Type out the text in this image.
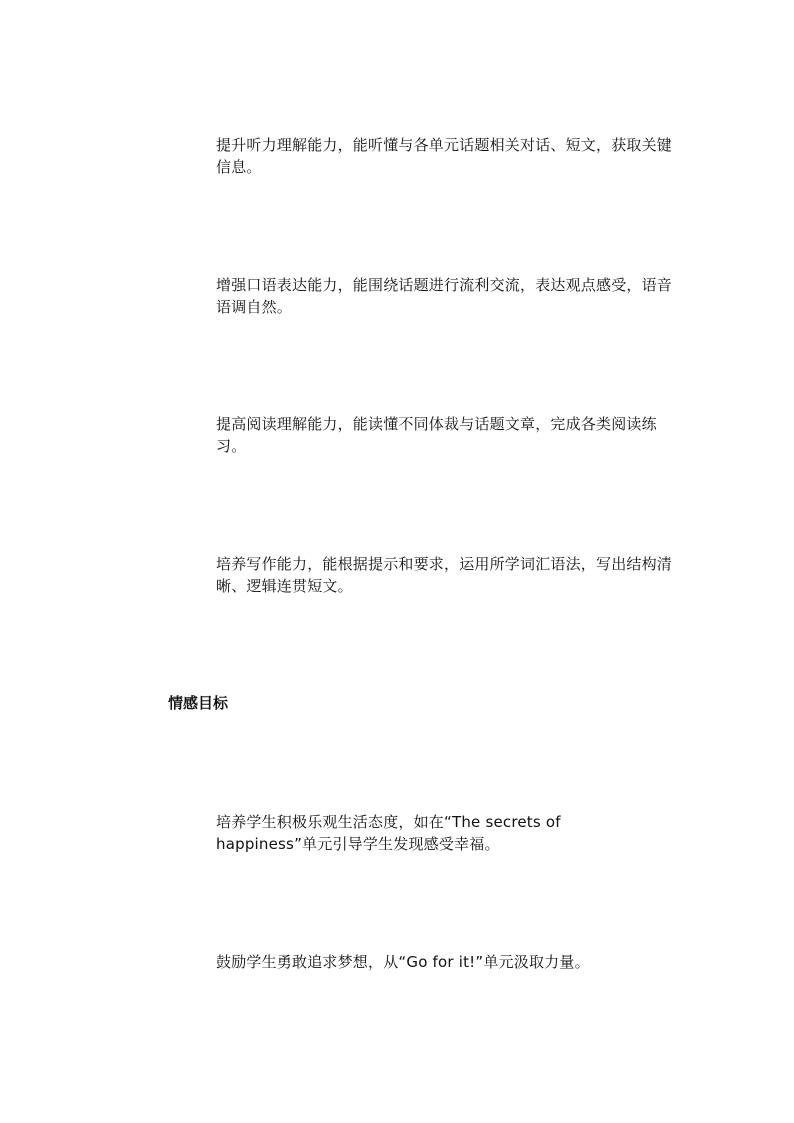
提升听力理解能力，能听懂与各单元话题相关对话、短文，获取关键信息。

增强口语表达能力，能围绕话题进行流利交流，表达观点感受，语音语调自然。

提高阅读理解能力，能读懂不同体裁与话题文章，完成各类阅读练习。

培养写作能力，能根据提示和要求，运用所学词汇语法，写出结构清晰、逻辑连贯短文。

情感目标

培养学生积极乐观生活态度，如在“The secrets of happiness”单元引导学生发现感受幸福。

鼓励学生勇敢追求梦想，从“Go for it!”单元汲取力量。
